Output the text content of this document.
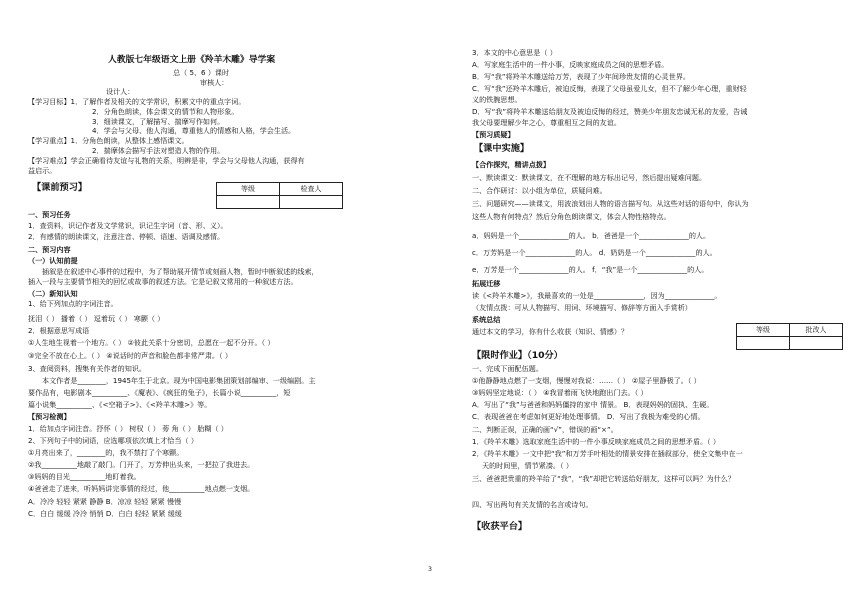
人教版七年级语文上册《羚羊木雕》导学案
总（ 5、6 ）课时
审核人：
设计人：
【学习目标】1．了解作者及相关的文学常识，积累文中的重点字词。
2．分角色朗读，体会课文的情节和人物形象。
3．细读课文，了解描写、揣摩写作如何。
4．学会与父母、他人沟通，尊重他人的情感和人格，学会生活。
【学习重点】1．分角色朗读，从整体上感悟课文。
2．揣摩体会描写手法对塑造人物的作用。
【学习难点】学会正确看待友谊与礼物的关系，明辨是非，学会与父母他人沟通，获得有
益启示。
【课前预习】
一、预习任务
1．查资料，识记作者及文学常识，识记生字词（音、形、义）。
2．有感情的朗读课文，注意注音、停顿、语速、语调及感情。
二、预习内容
（一）认知前提
插叙是在叙述中心事件的过程中，为了帮助展开情节或刻画人物，暂时中断叙述的线索，
插入一段与主要情节相关的回忆或故事的叙述方法。它是记叙文常用的一种叙述方法。
（二）新知认知
1、给下列加点的字词注音。
抚泪（ ） 播着（ ） 逗着玩（ ） 寒颤（ ）
2．根据意思写成语
①人生地生视着一个地方。（ ） ②彼此关系十分密切，总愿在一起不分开。（ ）
③完全不放在心上。（ ） ④说话时的声音和脸色都非常严肃。（ ）
3、查阅资料，搜集有关作者的知识。
本文作者是________，1945年生于北京。现为中国电影集团策划部编审、一级编剧。主
要作品有，电影剧本__________、《魔表》、《疯狂的兔子》，长篇小说__________，短
篇小说集__________、《<空箱子>》、《<羚羊木雕>》等。
【预习检测】
1．给加点字词注音。抒怀（ ） 树权（ ） 蒡 角（ ） 胎糊（ ）
2、下列句子中的词语，应选哪项依次填上才恰当（ ）
①月亮出来了，________的，我不禁打了个寒颤。
②我__________地敲了敲门。门开了，万芳伸出头来，一把拉了我进去。
③妈妈的目光__________地盯着我。
④爸爸走了进来，听妈妈讲完事情的经过，他__________地点燃一支烟。
A．冷冷 轻轻 紧紧 静静 B．凉凉 轻轻 紧紧 慢慢
C．白白 缓缓 冷冷 悄悄 D．白白 轻轻 紧紧 缓缓
3．本文的中心意思是（ ）
A．写家庭生活中的一件小事，反映家庭成员之间的思想矛盾。
B．写“我”将羚羊木雕送给万芳，表现了少年间珍贵友情的心灵世界。
C．写“我”还羚羊木雕后，被迫反悔，表现了父母虽爱儿女，但不了解少年心理，重财轻
义的铁腕思想。
D．写“我”将羚羊木雕送给朋友及被迫反悔的经过，赞美少年朋友忠诚无私的友爱，告诫
我父母要理解少年之心，尊重相互之间的友谊。
【预习质疑】
【课中实施】
【合作探究，精讲点拨】
一、默读课文：默读课文，在不理解的地方标出记号，然后提出疑难问题。
二、合作研讨：以小组为单位，质疑问难。
三、问题研究——读课文，用波浪划出人物的语言描写句。从这些对话的语句中，你认为
这些人物有何特点？然后分角色朗读课文，体会人物性格特点。
a．妈妈是一个______________的人。 b．爸爸是一个______________的人。
c．万芳妈是一个______________的人。 d．奶奶是一个______________的人。
e．万芳是一个______________的人。 f．“我”是一个______________的人。
拓展迁移
读《<羚羊木雕>》，我最喜欢的一处是______________，因为______________。
（友情点拨：可从人物描写、用词、环境描写、修辞等方面入手赏析）
系统总结
通过本文的学习，你有什么收获（知识、情感）？
【限时作业】（10分）
一、完成下面配伍题。
①他静静地点燃了一支烟，慢慢对我说：……（ ） ②屋子里静极了。（ ）
③妈妈坚定地说：（ ） ④我冒着雨飞快地跑出门去。（ ）
A．写出了“我”与爸爸和妈妈僵持的家中 情景。 B．表现妈妈的固执、生硬。
C．表现爸爸在考虑如何更好地处理事情。 D．写出了我极为难受的心情。
二、判断正误，正确的画“√”，错误的画“×”。
1．《羚羊木雕》选取家庭生活中的一件小事反映家庭成员之间的思想矛盾。（ ）
2．《羚羊木雕》一文中把“我”和万芳手叶相处的情景安排在插叙部分，使全文集中在一
天的时间里，情节紧凑。（ ）
三、爸爸把贵重的羚羊给了“我”，“我”却把它转送给好朋友，这样可以吗？为什么？
四、写出两句有关友情的名言或诗句。
【收获平台】
等级	检查人

等级	批改人

3
